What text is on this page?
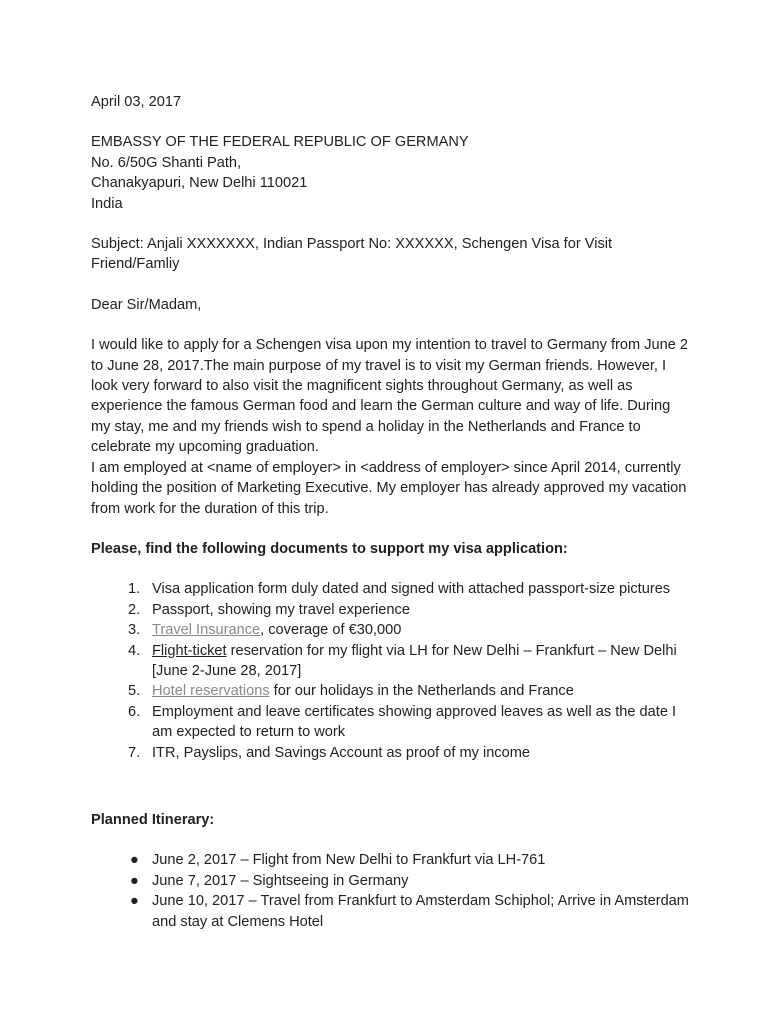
April 03, 2017

EMBASSY OF THE FEDERAL REPUBLIC OF GERMANY
No. 6/50G Shanti Path,
Chanakyapuri, New Delhi 110021
India

Subject: Anjali XXXXXXX, Indian Passport No: XXXXXX, Schengen Visa for Visit Friend/Famliy

Dear Sir/Madam,

I would like to apply for a Schengen visa upon my intention to travel to Germany from June 2 to June 28, 2017.The main purpose of my travel is to visit my German friends. However, I look very forward to also visit the magnificent sights throughout Germany, as well as experience the famous German food and learn the German culture and way of life. During my stay, me and my friends wish to spend a holiday in the Netherlands and France to celebrate my upcoming graduation.

I am employed at <name of employer> in <address of employer> since April 2014, currently holding the position of Marketing Executive. My employer has already approved my vacation from work for the duration of this trip.

Please, find the following documents to support my visa application:

1. Visa application form duly dated and signed with attached passport-size pictures
2. Passport, showing my travel experience
3. Travel Insurance, coverage of €30,000
4. Flight-ticket reservation for my flight via LH for New Delhi – Frankfurt – New Delhi [June 2-June 28, 2017]
5. Hotel reservations for our holidays in the Netherlands and France
6. Employment and leave certificates showing approved leaves as well as the date I am expected to return to work
7. ITR, Payslips, and Savings Account as proof of my income

Planned Itinerary:

● June 2, 2017 – Flight from New Delhi to Frankfurt via LH-761
● June 7, 2017 – Sightseeing in Germany
● June 10, 2017 – Travel from Frankfurt to Amsterdam Schiphol; Arrive in Amsterdam and stay at Clemens Hotel
